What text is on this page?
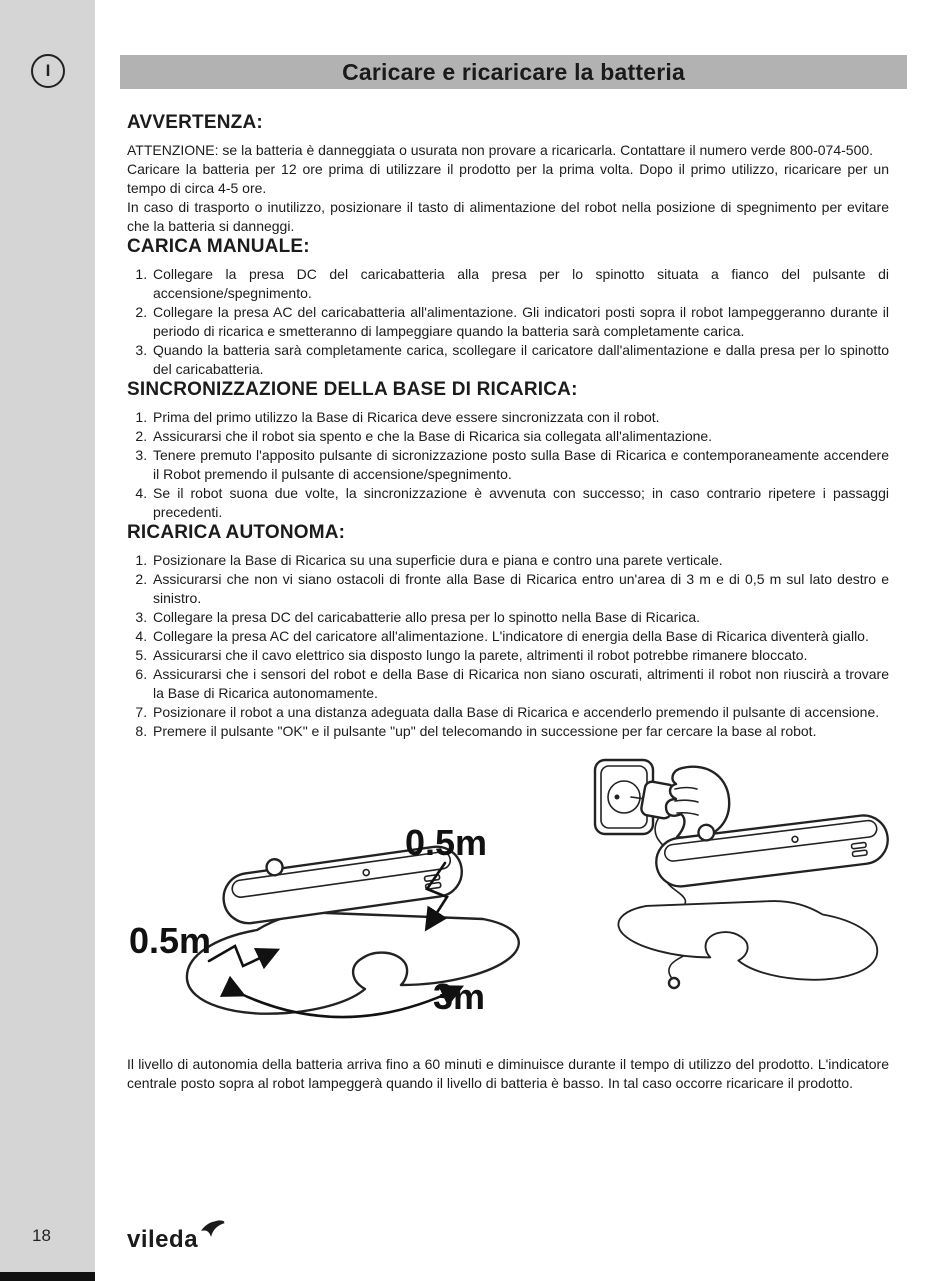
I	Caricare e ricaricare la batteria
AVVERTENZA:

ATTENZIONE: se la batteria è danneggiata o usurata non provare a ricaricarla. Contattare il numero verde 800-074-500.

Caricare la batteria per 12 ore prima di utilizzare il prodotto per la prima volta. Dopo il primo utilizzo, ricaricare per un tempo di circa 4-5 ore.

In caso di trasporto o inutilizzo, posizionare il tasto di alimentazione del robot nella posizione di spegnimento per evitare che la batteria si danneggi.

CARICA MANUALE:
1. Collegare la presa DC del caricabatteria alla presa per lo spinotto situata a fianco del pulsante di accensione/spegnimento.
2. Collegare la presa AC del caricabatteria all'alimentazione. Gli indicatori posti sopra il robot lampeggeranno durante il periodo di ricarica e smetteranno di lampeggiare quando la batteria sarà completamente carica.
3. Quando la batteria sarà completamente carica, scollegare il caricatore dall'alimentazione e dalla presa per lo spinotto del caricabatteria.
SINCRONIZZAZIONE DELLA BASE DI RICARICA:
1. Prima del primo utilizzo la Base di Ricarica deve essere sincronizzata con il robot.
2. Assicurarsi che il robot sia spento e che la Base di Ricarica sia collegata all'alimentazione.
3. Tenere premuto l'apposito pulsante di sicronizzazione posto sulla Base di Ricarica e contemporaneamente accendere il Robot premendo il pulsante di accensione/spegnimento.
4. Se il robot suona due volte, la sincronizzazione è avvenuta con successo; in caso contrario ripetere i passaggi precedenti.
RICARICA AUTONOMA:
1. Posizionare la Base di Ricarica su una superficie dura e piana e contro una parete verticale.
2. Assicurarsi che non vi siano ostacoli di fronte alla Base di Ricarica entro un'area di 3 m e di 0,5 m sul lato destro e sinistro.
3. Collegare la presa DC del caricabatterie allo presa per lo spinotto nella Base di Ricarica.
4. Collegare la presa AC del caricatore all'alimentazione. L'indicatore di energia della Base di Ricarica diventerà giallo.
5. Assicurarsi che il cavo elettrico sia disposto lungo la parete, altrimenti il robot potrebbe rimanere bloccato.
6. Assicurarsi che i sensori del robot e della Base di Ricarica non siano oscurati, altrimenti il robot non riuscirà a trovare la Base di Ricarica autonomamente.
7. Posizionare il robot a una distanza adeguata dalla Base di Ricarica e accenderlo premendo il pulsante di accensione.
8. Premere il pulsante "OK" e il pulsante "up" del telecomando in successione per far cercare la base al robot.
0.5m
0.5m
3m

Il livello di autonomia della batteria arriva fino a 60 minuti e diminuisce durante il tempo di utilizzo del prodotto. L'indicatore centrale posto sopra al robot lampeggerà quando il livello di batteria è basso. In tal caso occorre ricaricare il prodotto.

18	vileda
